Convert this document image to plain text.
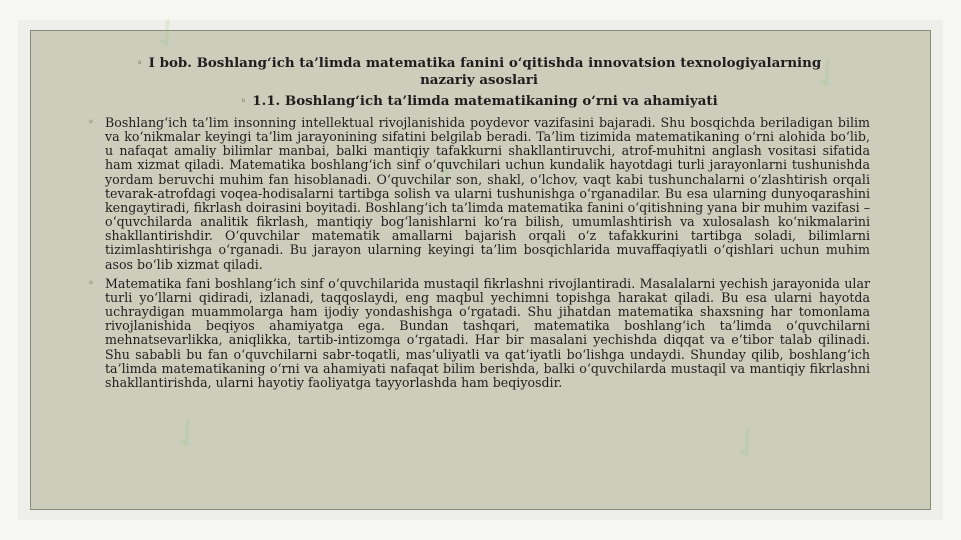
✓
✓
✓
✓
✓

◦ I bob. Boshlang‘ich ta’limda matematika fanini o‘qitishda innovatsion texnologiyalarning nazariy asoslari

◦ 1.1. Boshlang‘ich ta’limda matematikaning o‘rni va ahamiyati

◦ Boshlang‘ich ta’lim insonning intellektual rivojlanishida poydevor vazifasini bajaradi. Shu bosqichda beriladigan bilim va ko‘nikmalar keyingi ta’lim jarayonining sifatini belgilab beradi. Ta’lim tizimida matematikaning o‘rni alohida bo‘lib, u nafaqat amaliy bilimlar manbai, balki mantiqiy tafakkurni shakllantiruvchi, atrof-muhitni anglash vositasi sifatida ham xizmat qiladi. Matematika boshlang‘ich sinf o‘quvchilari uchun kundalik hayotdagi turli jarayonlarni tushunishda yordam beruvchi muhim fan hisoblanadi. O‘quvchilar son, shakl, o‘lchov, vaqt kabi tushunchalarni o‘zlashtirish orqali tevarak-atrofdagi voqea-hodisalarni tartibga solish va ularni tushunishga o‘rganadilar. Bu esa ularning dunyoqarashini kengaytiradi, fikrlash doirasini boyitadi. Boshlang‘ich ta’limda matematika fanini o‘qitishning yana bir muhim vazifasi – o‘quvchilarda analitik fikrlash, mantiqiy bog‘lanishlarni ko‘ra bilish, umumlashtirish va xulosalash ko‘nikmalarini shakllantirishdir. O‘quvchilar matematik amallarni bajarish orqali o‘z tafakkurini tartibga soladi, bilimlarni tizimlashtirishga o‘rganadi. Bu jarayon ularning keyingi ta’lim bosqichlarida muvaffaqiyatli o‘qishlari uchun muhim asos bo‘lib xizmat qiladi.

◦ Matematika fani boshlang‘ich sinf o‘quvchilarida mustaqil fikrlashni rivojlantiradi. Masalalarni yechish jarayonida ular turli yo‘llarni qidiradi, izlanadi, taqqoslaydi, eng maqbul yechimni topishga harakat qiladi. Bu esa ularni hayotda uchraydigan muammolarga ham ijodiy yondashishga o‘rgatadi. Shu jihatdan matematika shaxsning har tomonlama rivojlanishida beqiyos ahamiyatga ega. Bundan tashqari, matematika boshlang‘ich ta’limda o‘quvchilarni mehnatsevarlikka, aniqlikka, tartib-intizomga o‘rgatadi. Har bir masalani yechishda diqqat va e’tibor talab qilinadi. Shu sababli bu fan o‘quvchilarni sabr-toqatli, mas’uliyatli va qat’iyatli bo‘lishga undaydi. Shunday qilib, boshlang‘ich ta’limda matematikaning o‘rni va ahamiyati nafaqat bilim berishda, balki o‘quvchilarda mustaqil va mantiqiy fikrlashni shakllantirishda, ularni hayotiy faoliyatga tayyorlashda ham beqiyosdir.
